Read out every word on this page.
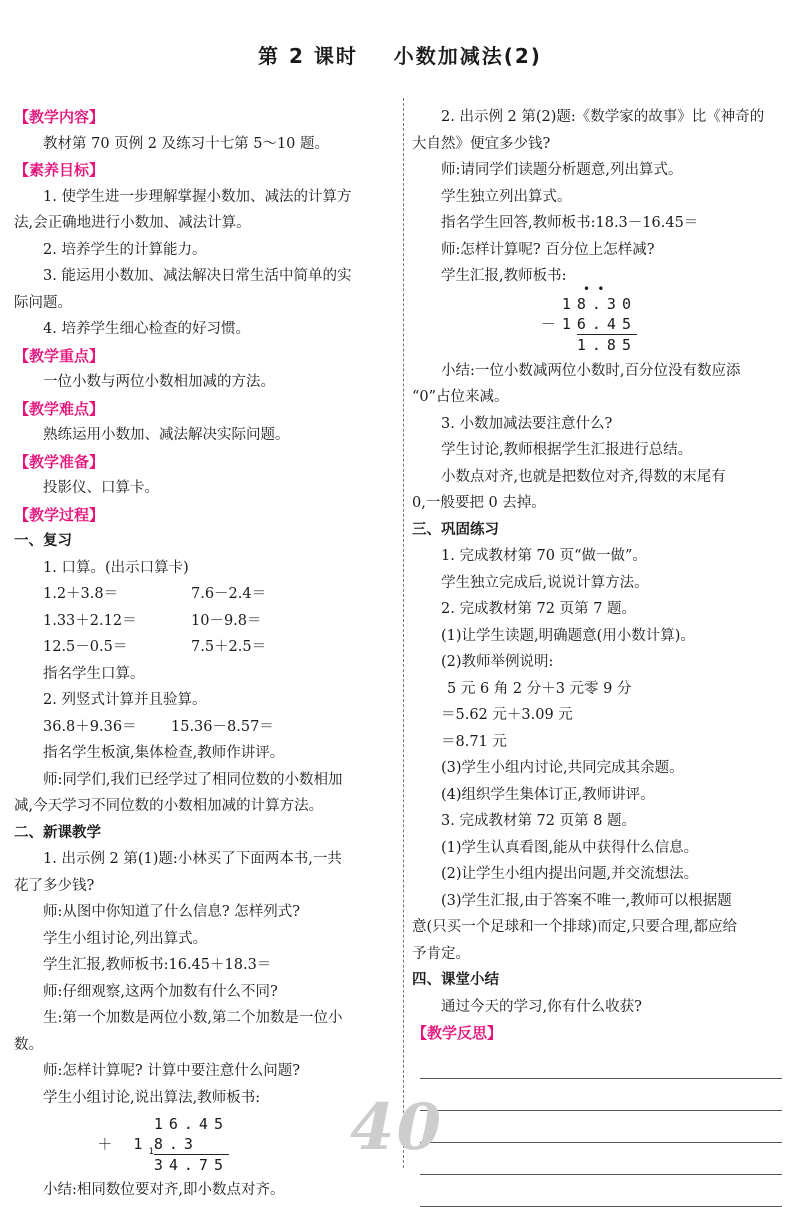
第 2 课时    小数加减法(2)
【教学内容】
教材第 70 页例 2 及练习十七第 5～10 题。
【素养目标】
1. 使学生进一步理解掌握小数加、减法的计算方
法,会正确地进行小数加、减法计算。
2. 培养学生的计算能力。
3. 能运用小数加、减法解决日常生活中简单的实
际问题。
4. 培养学生细心检查的好习惯。
【教学重点】
一位小数与两位小数相加减的方法。
【教学难点】
熟练运用小数加、减法解决实际问题。
【教学准备】
投影仪、口算卡。
【教学过程】
一、复习
1. 口算。(出示口算卡)
1.2＋3.8＝	7.6－2.4＝
1.33＋2.12＝	10－9.8＝
12.5－0.5＝	7.5＋2.5＝
指名学生口算。
2. 列竖式计算并且验算。
36.8＋9.36＝ 15.36－8.57＝
指名学生板演,集体检查,教师作讲评。
师:同学们,我们已经学过了相同位数的小数相加
减,今天学习不同位数的小数相加减的计算方法。
二、新课教学
1. 出示例 2 第(1)题:小林买了下面两本书,一共
花了多少钱?
师:从图中你知道了什么信息? 怎样列式?
学生小组讨论,列出算式。
学生汇报,教师板书:16.45＋18.3＝
师:仔细观察,这两个加数有什么不同?
生:第一个加数是两位小数,第二个加数是一位小
数。
师:怎样计算呢? 计算中要注意什么问题?
学生小组讨论,说出算法,教师板书:
16.45
＋ $1_18.3$
34.75
小结:相同数位要对齐,即小数点对齐。
2. 出示例 2 第(2)题:《数学家的故事》比《神奇的
大自然》便宜多少钱?
师:请同学们读题分析题意,列出算式。
学生独立列出算式。
指名学生回答,教师板书:18.3－16.45＝
师:怎样计算呢? 百分位上怎样减?
学生汇报,教师板书:
• •
18.30
－16.45
1.85
小结:一位小数减两位小数时,百分位没有数应添
“0”占位来减。
3. 小数加减法要注意什么?
学生讨论,教师根据学生汇报进行总结。
小数点对齐,也就是把数位对齐,得数的末尾有
0,一般要把 0 去掉。
三、巩固练习
1. 完成教材第 70 页“做一做”。
学生独立完成后,说说计算方法。
2. 完成教材第 72 页第 7 题。
(1)让学生读题,明确题意(用小数计算)。
(2)教师举例说明:
5 元 6 角 2 分＋3 元零 9 分
＝5.62 元＋3.09 元
＝8.71 元
(3)学生小组内讨论,共同完成其余题。
(4)组织学生集体订正,教师讲评。
3. 完成教材第 72 页第 8 题。
(1)学生认真看图,能从中获得什么信息。
(2)让学生小组内提出问题,并交流想法。
(3)学生汇报,由于答案不唯一,教师可以根据题
意(只买一个足球和一个排球)而定,只要合理,都应给
予肯定。
四、课堂小结
通过今天的学习,你有什么收获?
【教学反思】
40
